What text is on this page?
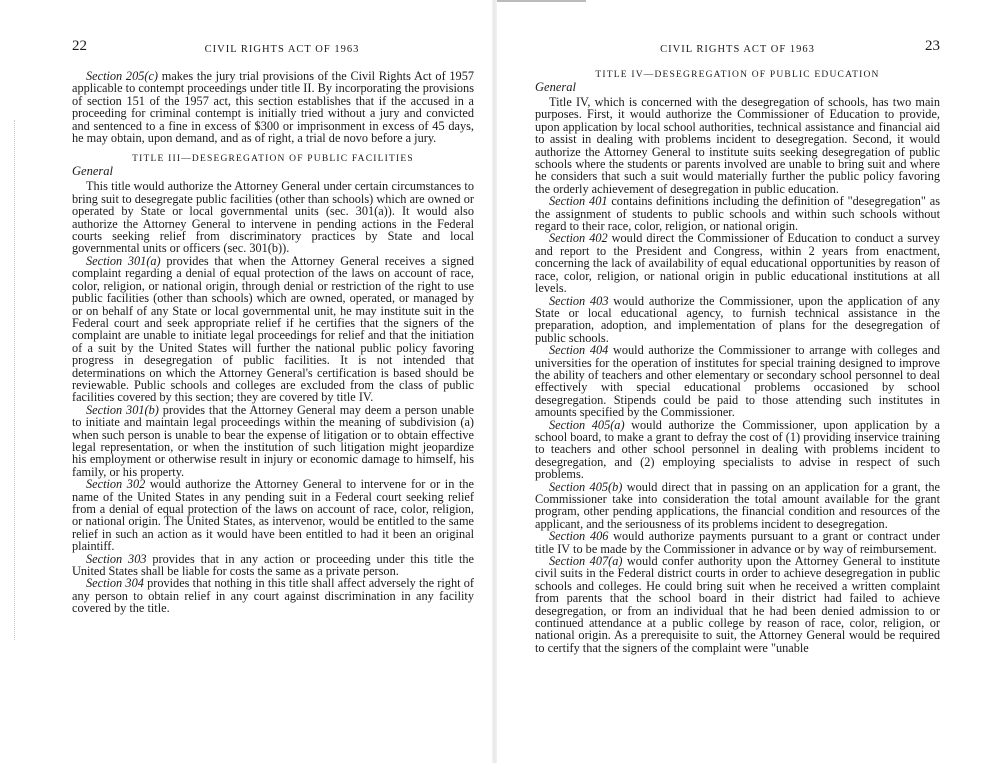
22	CIVIL RIGHTS ACT OF 1963

Section 205(c) makes the jury trial provisions of the Civil Rights Act of 1957 applicable to contempt proceedings under title II. By incorporating the provisions of section 151 of the 1957 act, this section establishes that if the accused in a proceeding for criminal contempt is initially tried without a jury and convicted and sentenced to a fine in excess of $300 or imprisonment in excess of 45 days, he may obtain, upon demand, and as of right, a trial de novo before a jury.

TITLE III—DESEGREGATION OF PUBLIC FACILITIES
General

This title would authorize the Attorney General under certain circumstances to bring suit to desegregate public facilities (other than schools) which are owned or operated by State or local governmental units (sec. 301(a)). It would also authorize the Attorney General to intervene in pending actions in the Federal courts seeking relief from discriminatory practices by State and local governmental units or officers (sec. 301(b)).

Section 301(a) provides that when the Attorney General receives a signed complaint regarding a denial of equal protection of the laws on account of race, color, religion, or national origin, through denial or restriction of the right to use public facilities (other than schools) which are owned, operated, or managed by or on behalf of any State or local governmental unit, he may institute suit in the Federal court and seek appropriate relief if he certifies that the signers of the complaint are unable to initiate legal proceedings for relief and that the initiation of a suit by the United States will further the national public policy favoring progress in desegregation of public facilities. It is not intended that determinations on which the Attorney General's certification is based should be reviewable. Public schools and colleges are excluded from the class of public facilities covered by this section; they are covered by title IV.

Section 301(b) provides that the Attorney General may deem a person unable to initiate and maintain legal proceedings within the meaning of subdivision (a) when such person is unable to bear the expense of litigation or to obtain effective legal representation, or when the institution of such litigation might jeopardize his employment or otherwise result in injury or economic damage to himself, his family, or his property.

Section 302 would authorize the Attorney General to intervene for or in the name of the United States in any pending suit in a Federal court seeking relief from a denial of equal protection of the laws on account of race, color, religion, or national origin. The United States, as intervenor, would be entitled to the same relief in such an action as it would have been entitled to had it been an original plaintiff.

Section 303 provides that in any action or proceeding under this title the United States shall be liable for costs the same as a private person.

Section 304 provides that nothing in this title shall affect adversely the right of any person to obtain relief in any court against discrimination in any facility covered by the title.

CIVIL RIGHTS ACT OF 1963	23
TITLE IV—DESEGREGATION OF PUBLIC EDUCATION
General

Title IV, which is concerned with the desegregation of schools, has two main purposes. First, it would authorize the Commissioner of Education to provide, upon application by local school authorities, technical assistance and financial aid to assist in dealing with problems incident to desegregation. Second, it would authorize the Attorney General to institute suits seeking desegregation of public schools where the students or parents involved are unable to bring suit and where he considers that such a suit would materially further the public policy favoring the orderly achievement of desegregation in public education.

Section 401 contains definitions including the definition of "desegregation" as the assignment of students to public schools and within such schools without regard to their race, color, religion, or national origin.

Section 402 would direct the Commissioner of Education to conduct a survey and report to the President and Congress, within 2 years from enactment, concerning the lack of availability of equal educational opportunities by reason of race, color, religion, or national origin in public educational institutions at all levels.

Section 403 would authorize the Commissioner, upon the application of any State or local educational agency, to furnish technical assistance in the preparation, adoption, and implementation of plans for the desegregation of public schools.

Section 404 would authorize the Commissioner to arrange with colleges and universities for the operation of institutes for special training designed to improve the ability of teachers and other elementary or secondary school personnel to deal effectively with special educational problems occasioned by school desegregation. Stipends could be paid to those attending such institutes in amounts specified by the Commissioner.

Section 405(a) would authorize the Commissioner, upon application by a school board, to make a grant to defray the cost of (1) providing inservice training to teachers and other school personnel in dealing with problems incident to desegregation, and (2) employing specialists to advise in respect of such problems.

Section 405(b) would direct that in passing on an application for a grant, the Commissioner take into consideration the total amount available for the grant program, other pending applications, the financial condition and resources of the applicant, and the seriousness of its problems incident to desegregation.

Section 406 would authorize payments pursuant to a grant or contract under title IV to be made by the Commissioner in advance or by way of reimbursement.

Section 407(a) would confer authority upon the Attorney General to institute civil suits in the Federal district courts in order to achieve desegregation in public schools and colleges. He could bring suit when he received a written complaint from parents that the school board in their district had failed to achieve desegregation, or from an individual that he had been denied admission to or continued attendance at a public college by reason of race, color, religion, or national origin. As a prerequisite to suit, the Attorney General would be required to certify that the signers of the complaint were "unable
